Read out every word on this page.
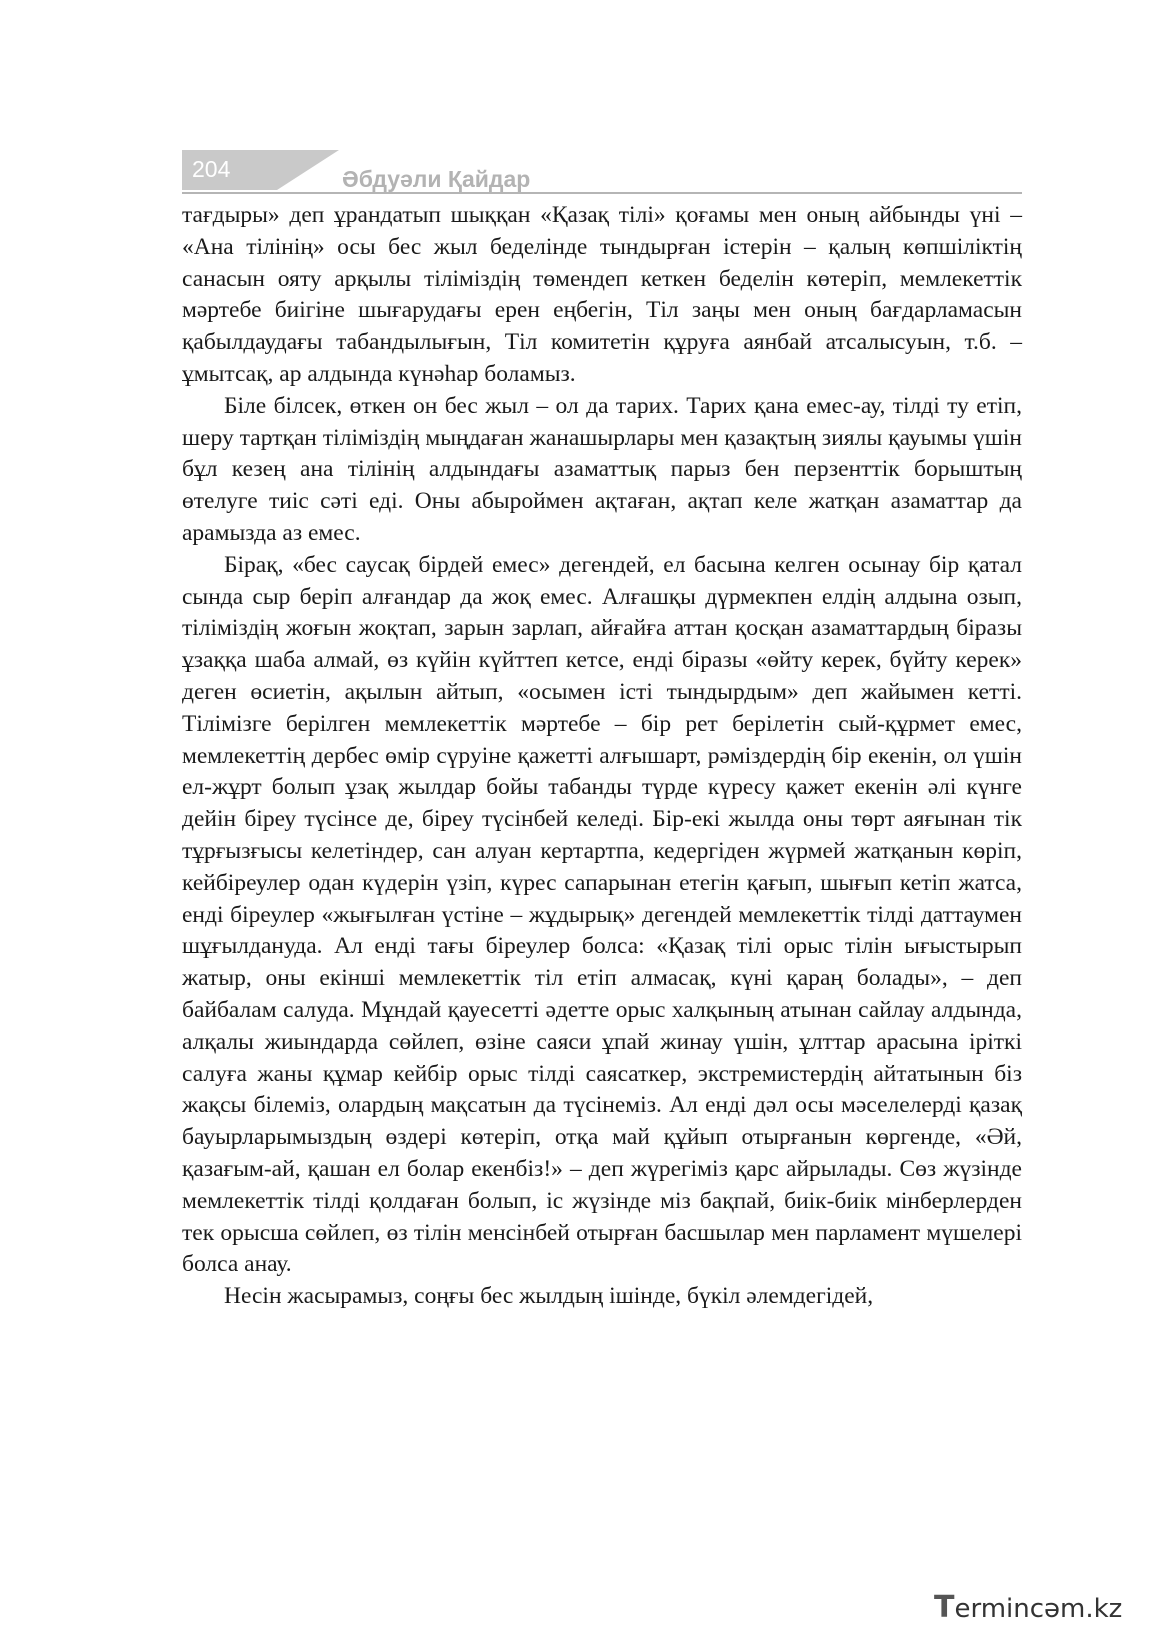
204	Әбдуәли Қайдар

тағдыры» деп ұрандатып шыққан «Қазақ тілі» қоғамы мен оның айбынды үні – «Ана тілінің» осы бес жыл беделінде тындырған істерін – қалың көпшіліктің санасын ояту арқылы тіліміздің төмендеп кеткен беделін көтеріп, мемлекеттік мәртебе биігіне шығарудағы ерен еңбегін, Тіл заңы мен оның бағдарламасын қабылдаудағы табандылығын, Тіл комитетін құруға аянбай атсалысуын, т.б. – ұмытсақ, ар алдында күнәһар боламыз.

Біле білсек, өткен он бес жыл – ол да тарих. Тарих қана емес-ау, тілді ту етіп, шеру тартқан тіліміздің мыңдаған жанашырлары мен қазақтың зиялы қауымы үшін бұл кезең ана тілінің алдындағы азаматтық парыз бен перзенттік борыштың өтелуге тиіс сәті еді. Оны абыроймен ақтаған, ақтап келе жатқан азаматтар да арамызда аз емес.

Бірақ, «бес саусақ бірдей емес» дегендей, ел басына келген осынау бір қатал сында сыр беріп алғандар да жоқ емес. Алғашқы дүрмекпен елдің алдына озып, тіліміздің жоғын жоқтап, зарын зарлап, айғайға аттан қосқан азаматтардың біразы ұзаққа шаба алмай, өз күйін күйттеп кетсе, енді біразы «өйту керек, бүйту керек» деген өсиетін, ақылын айтып, «осымен істі тындырдым» деп жайымен кетті. Тілімізге берілген мемлекеттік мәртебе – бір рет берілетін сый-құрмет емес, мемлекеттің дербес өмір сүруіне қажетті алғышарт, рәміздердің бір екенін, ол үшін ел-жұрт болып ұзақ жылдар бойы табанды түрде күресу қажет екенін әлі күнге дейін біреу түсінсе де, біреу түсінбей келеді. Бір-екі жылда оны төрт аяғынан тік тұрғызғысы келетіндер, сан алуан кертартпа, кедергіден жүрмей жатқанын көріп, кейбіреулер одан күдерін үзіп, күрес сапарынан етегін қағып, шығып кетіп жатса, енді біреулер «жығылған үстіне – жұдырық» дегендей мемлекеттік тілді даттаумен шұғылдануда. Ал енді тағы біреулер болса: «Қазақ тілі орыс тілін ығыстырып жатыр, оны екінші мемлекеттік тіл етіп алмасақ, күні қараң болады», – деп байбалам салуда. Мұндай қауесетті әдетте орыс халқының атынан сайлау алдында, алқалы жиындарда сөйлеп, өзіне саяси ұпай жинау үшін, ұлттар арасына іріткі салуға жаны құмар кейбір орыс тілді саясаткер, экстремистердің айтатынын біз жақсы білеміз, олардың мақсатын да түсінеміз. Ал енді дәл осы мәселелерді қазақ бауырларымыздың өздері көтеріп, отқа май құйып отырғанын көргенде, «Әй, қазағым-ай, қашан ел болар екенбіз!» – деп жүрегіміз қарс айрылады. Сөз жүзінде мемлекеттік тілді қолдаған болып, іс жүзінде міз бақпай, биік-биік мінберлерден тек орысша сөйлеп, өз тілін менсінбей отырған басшылар мен парламент мүшелері болса анау.

Несін жасырамыз, соңғы бес жылдың ішінде, бүкіл әлемдегідей,

Termincәm.kz
